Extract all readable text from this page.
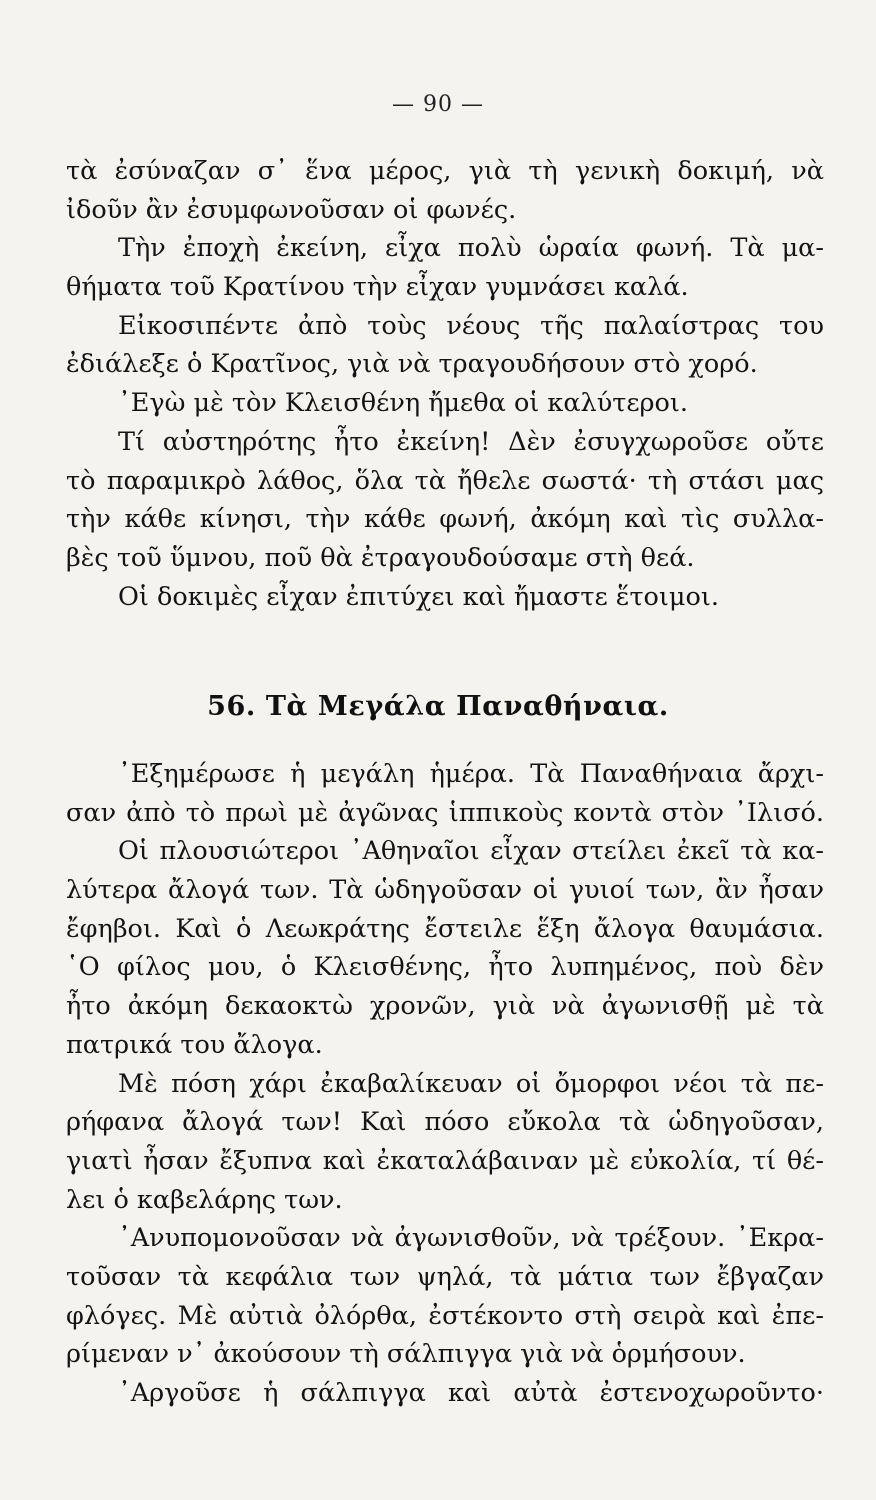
— 90 —
τὰ ἐσύναζαν σ᾽ ἕνα μέρος, γιὰ τὴ γενικὴ δοκιμή, νὰ
ἰδοῦν ἂν ἐσυμφωνοῦσαν οἱ φωνές.
Τὴν ἐποχὴ ἐκείνη, εἶχα πολὺ ὡραία φωνή. Τὰ μα-
θήματα τοῦ Κρατίνου τὴν εἶχαν γυμνάσει καλά.
Εἰκοσιπέντε ἀπὸ τοὺς νέους τῆς παλαίστρας του
ἐδιάλεξε ὁ Κρατῖνος, γιὰ νὰ τραγουδήσουν στὸ χορό.
᾽Εγὼ μὲ τὸν Κλεισθένη ἤμεθα οἱ καλύτεροι.
Τί αὐστηρότης ἦτο ἐκείνη! Δὲν ἐσυγχωροῦσε οὔτε
τὸ παραμικρὸ λάθος, ὅλα τὰ ἤθελε σωστά· τὴ στάσι μας
τὴν κάθε κίνησι, τὴν κάθε φωνή, ἀκόμη καὶ τὶς συλλα-
βὲς τοῦ ὕμνου, ποῦ θὰ ἐτραγουδούσαμε στὴ θεά.
Οἱ δοκιμὲς εἶχαν ἐπιτύχει καὶ ἤμαστε ἕτοιμοι.
56. Τὰ Μεγάλα Παναθήναια.
᾽Εξημέρωσε ἡ μεγάλη ἡμέρα. Τὰ Παναθήναια ἄρχι-
σαν ἀπὸ τὸ πρωὶ μὲ ἀγῶνας ἱππικοὺς κοντὰ στὸν ᾽Ιλισό.
Οἱ πλουσιώτεροι ᾽Αθηναῖοι εἶχαν στείλει ἐκεῖ τὰ κα-
λύτερα ἄλογά των. Τὰ ὡδηγοῦσαν οἱ γυιοί των, ἂν ἦσαν
ἔφηβοι. Καὶ ὁ Λεωκράτης ἔστειλε ἕξη ἄλογα θαυμάσια.
῾Ο φίλος μου, ὁ Κλεισθένης, ἦτο λυπημένος, ποὺ δὲν
ἦτο ἀκόμη δεκαοκτὼ χρονῶν, γιὰ νὰ ἀγωνισθῇ μὲ τὰ
πατρικά του ἄλογα.
Μὲ πόση χάρι ἐκαβαλίκευαν οἱ ὄμορφοι νέοι τὰ πε-
ρήφανα ἄλογά των! Καὶ πόσο εὔκολα τὰ ὡδηγοῦσαν,
γιατὶ ἦσαν ἔξυπνα καὶ ἐκαταλάβαιναν μὲ εὐκολία, τί θέ-
λει ὁ καβελάρης των.
᾽Ανυπομονοῦσαν νὰ ἀγωνισθοῦν, νὰ τρέξουν. ᾽Εκρα-
τοῦσαν τὰ κεφάλια των ψηλά, τὰ μάτια των ἔβγαζαν
φλόγες. Μὲ αὐτιὰ ὀλόρθα, ἐστέκοντο στὴ σειρὰ καὶ ἐπε-
ρίμεναν ν᾽ ἀκούσουν τὴ σάλπιγγα γιὰ νὰ ὁρμήσουν.
᾽Αργοῦσε ἡ σάλπιγγα καὶ αὐτὰ ἐστενοχωροῦντο·
